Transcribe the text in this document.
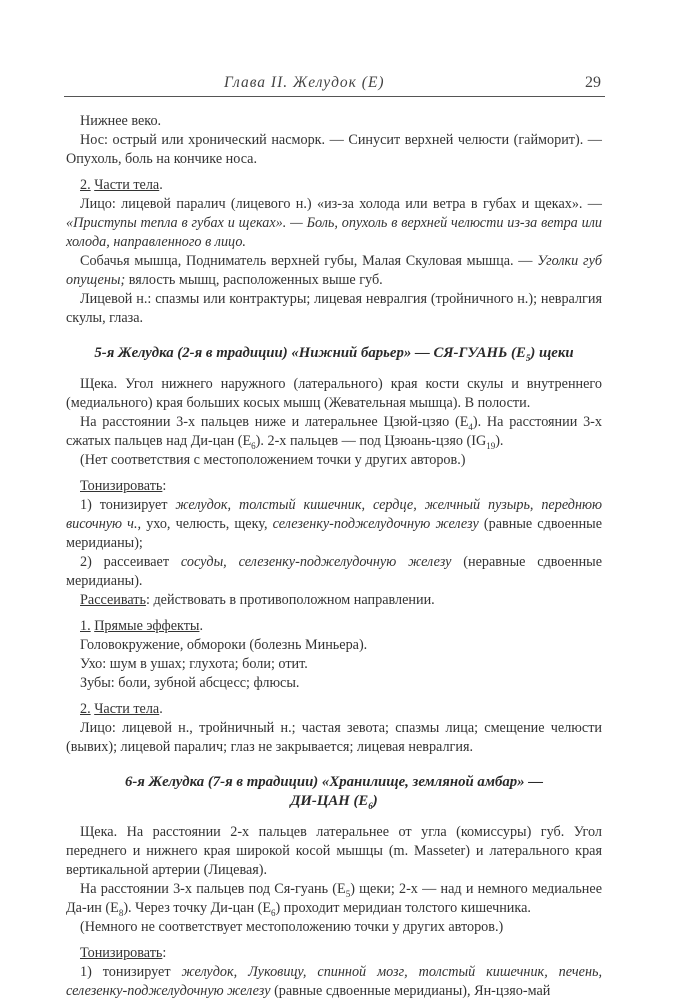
Глава II. Желудок (E)	29

Нижнее веко.

Нос: острый или хронический насморк. — Синусит верхней челюсти (гайморит). — Опухоль, боль на кончике носа.

2. Части тела.

Лицо: лицевой паралич (лицевого н.) «из-за холода или ветра в губах и щеках». — «Приступы тепла в губах и щеках». — Боль, опухоль в верхней челюсти из-за ветра или холода, направленного в лицо.

Собачья мышца, Подниматель верхней губы, Малая Скуловая мышца. — Уголки губ опущены; вялость мышц, расположенных выше губ.

Лицевой н.: спазмы или контрактуры; лицевая невралгия (тройничного н.); невралгия скулы, глаза.

5-я Желудка (2-я в традиции) «Нижний барьер» — СЯ-ГУАНЬ $(E_5)$ щеки

Щека. Угол нижнего наружного (латерального) края кости скулы и внутреннего (медиального) края больших косых мышц (Жевательная мышца). В полости.

На расстоянии 3-х пальцев ниже и латеральнее Цзюй-цзяо $(E_4)$. На расстоянии 3-х сжатых пальцев над Ди-цан $(E_6)$. 2-х пальцев — под Цзюань-цзяо $(IG_{19})$.

(Нет соответствия с местоположением точки у других авторов.)

Тонизировать:

1) тонизирует желудок, толстый кишечник, сердце, желчный пузырь, переднюю височную ч., ухо, челюсть, щеку, селезенку-поджелудочную железу (равные сдвоенные меридианы);

2) рассеивает сосуды, селезенку-поджелудочную железу (неравные сдвоенные меридианы).

Рассеивать: действовать в противоположном направлении.

1. Прямые эффекты.

Головокружение, обмороки (болезнь Миньера).

Ухо: шум в ушах; глухота; боли; отит.

Зубы: боли, зубной абсцесс; флюсы.

2. Части тела.

Лицо: лицевой н., тройничный н.; частая зевота; спазмы лица; смещение челюсти (вывих); лицевой паралич; глаз не закрывается; лицевая невралгия.

6-я Желудка (7-я в традиции) «Хранилище, земляной амбар» —
ДИ-ЦАН $(E_6)$

Щека. На расстоянии 2-х пальцев латеральнее от угла (комиссуры) губ. Угол переднего и нижнего края широкой косой мышцы (m. Masseter) и латерального края вертикальной артерии (Лицевая).

На расстоянии 3-х пальцев под Ся-гуань $(E_5)$ щеки; 2-х — над и немного медиальнее Да-ин $(E_8)$. Через точку Ди-цан $(E_6)$ проходит меридиан толстого кишечника.

(Немного не соответствует местоположению точки у других авторов.)

Тонизировать:

1) тонизирует желудок, Луковицу, спинной мозг, толстый кишечник, печень, селезенку-поджелудочную железу (равные сдвоенные меридианы), Ян-цзяо-май
